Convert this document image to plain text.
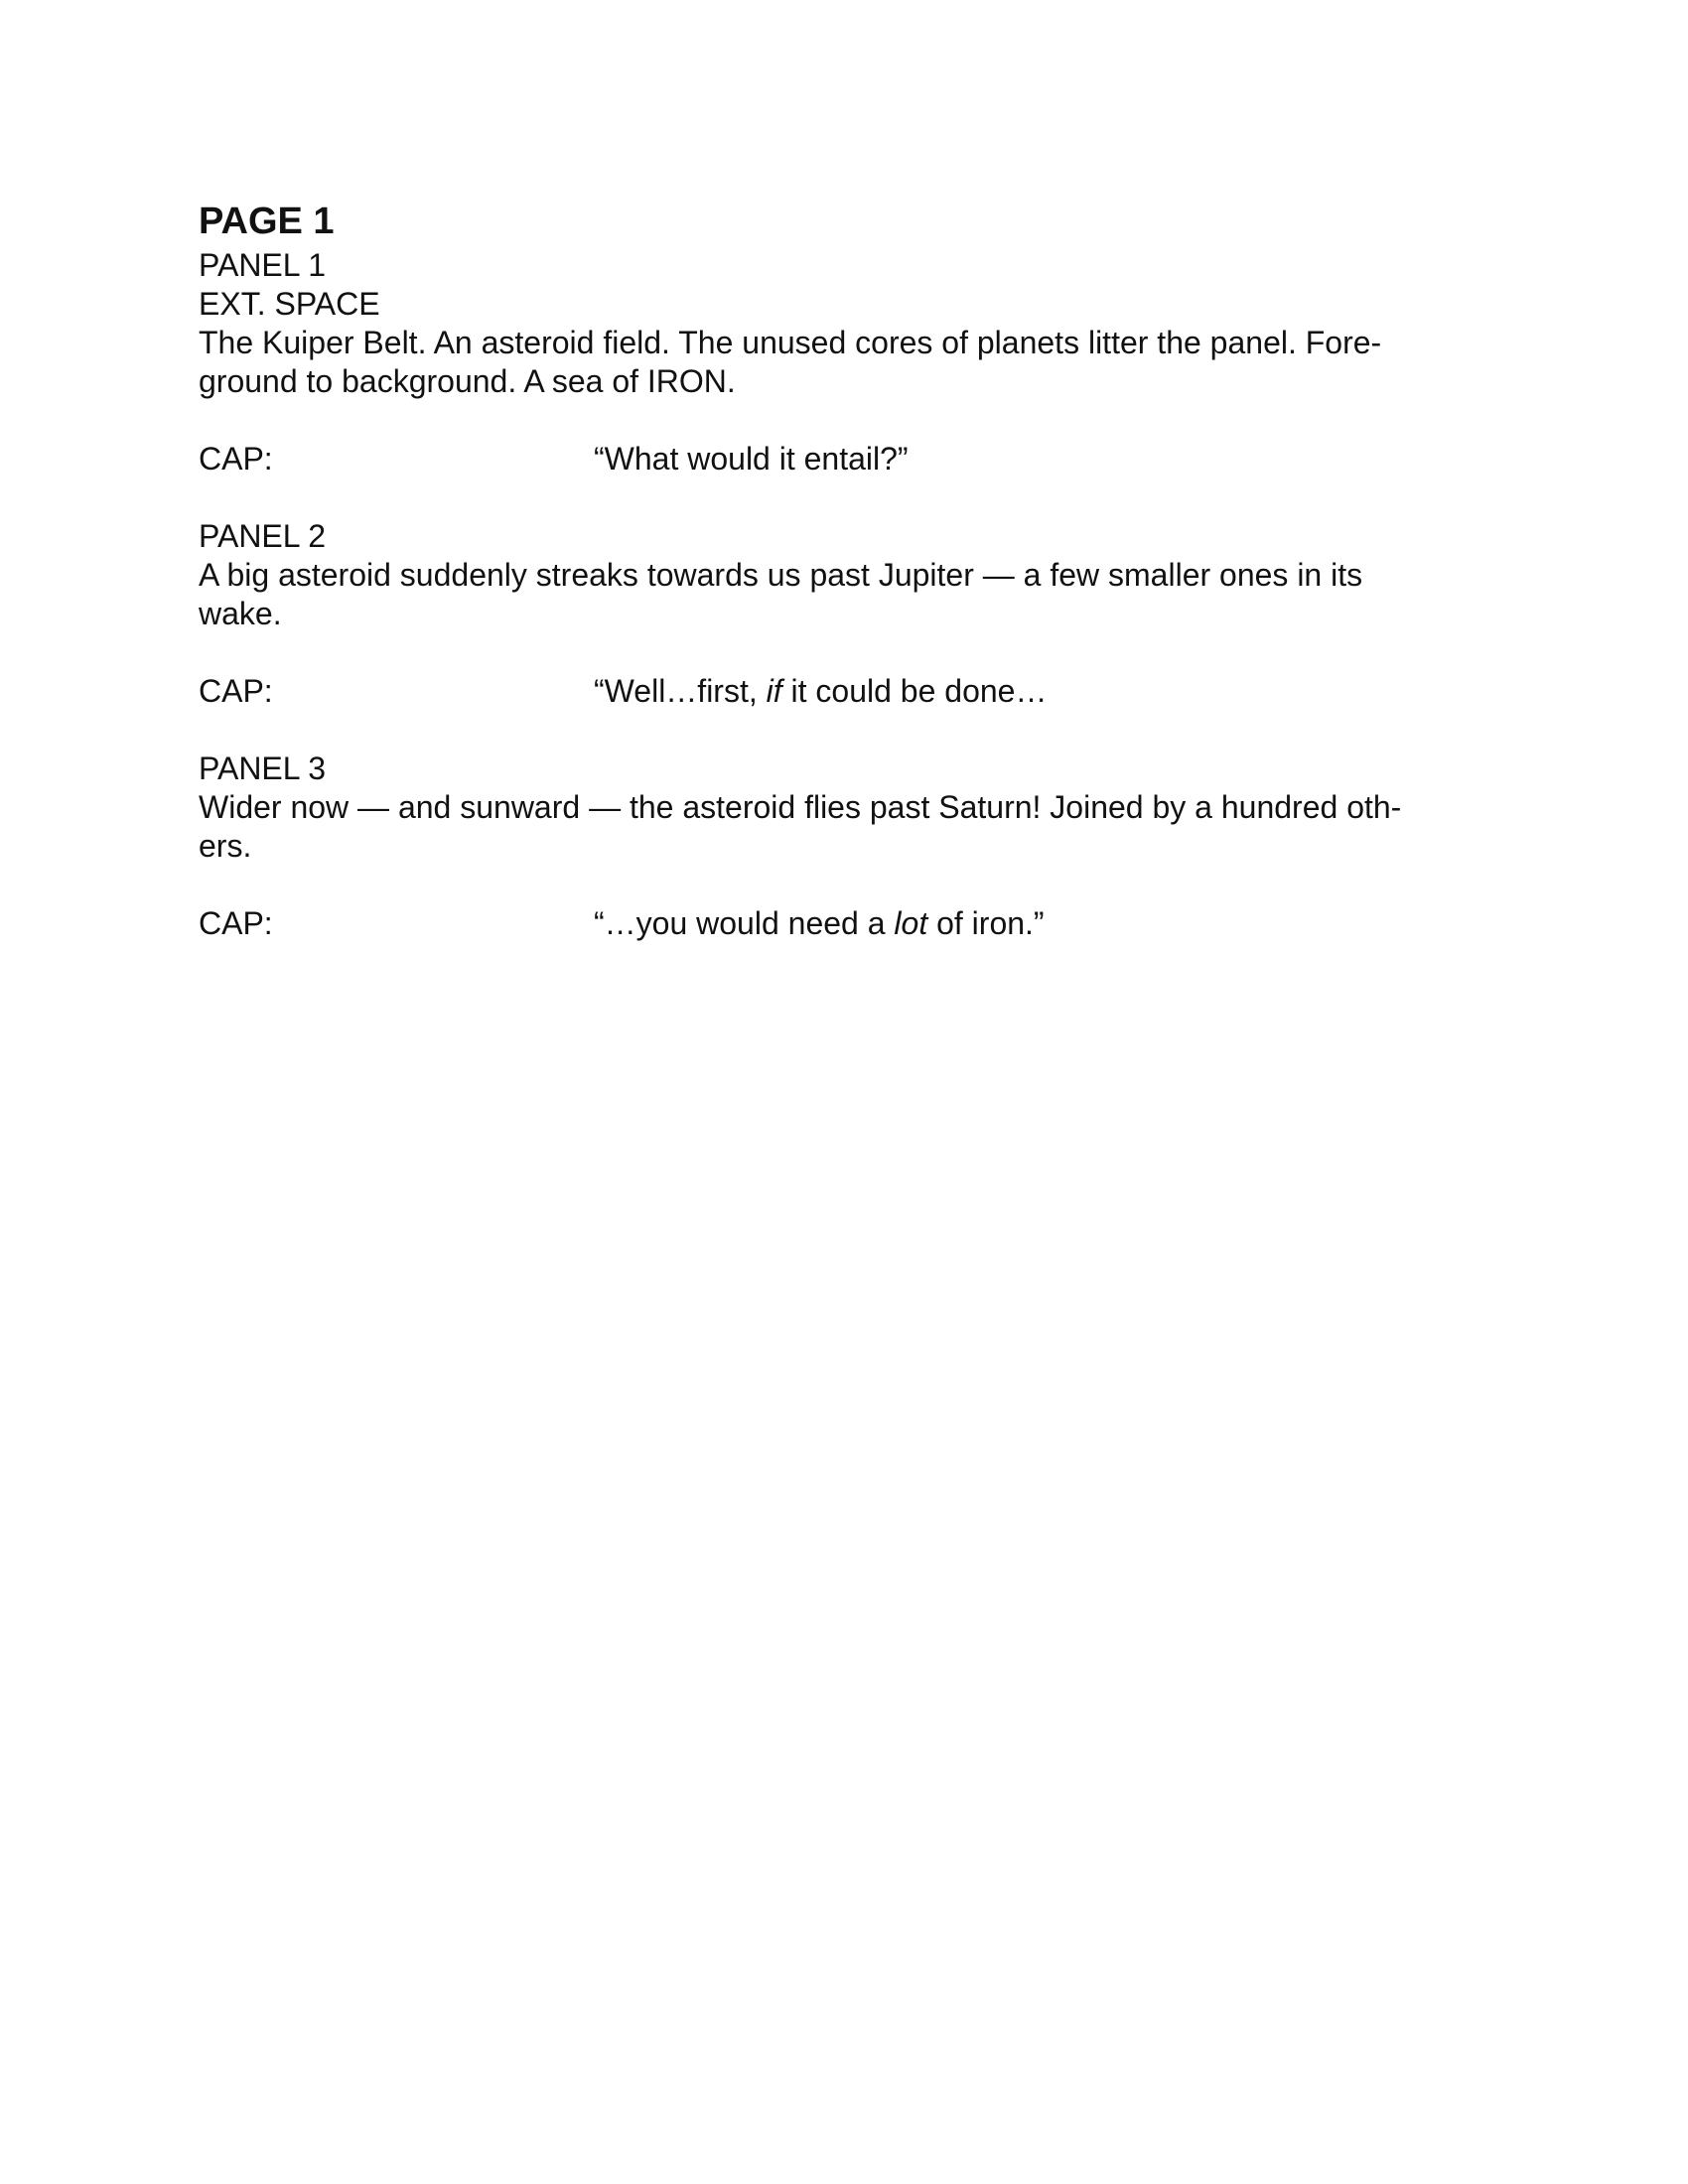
PAGE 1
PANEL 1
EXT. SPACE
The Kuiper Belt. An asteroid field. The unused cores of planets litter the panel. Fore-
ground to background. A sea of IRON.
CAP:	“What would it entail?”
PANEL 2
A big asteroid suddenly streaks towards us past Jupiter — a few smaller ones in its
wake.
CAP:	“Well…first, if it could be done…
PANEL 3
Wider now — and sunward — the asteroid flies past Saturn! Joined by a hundred oth-
ers.
CAP:	“…you would need a lot of iron.”
